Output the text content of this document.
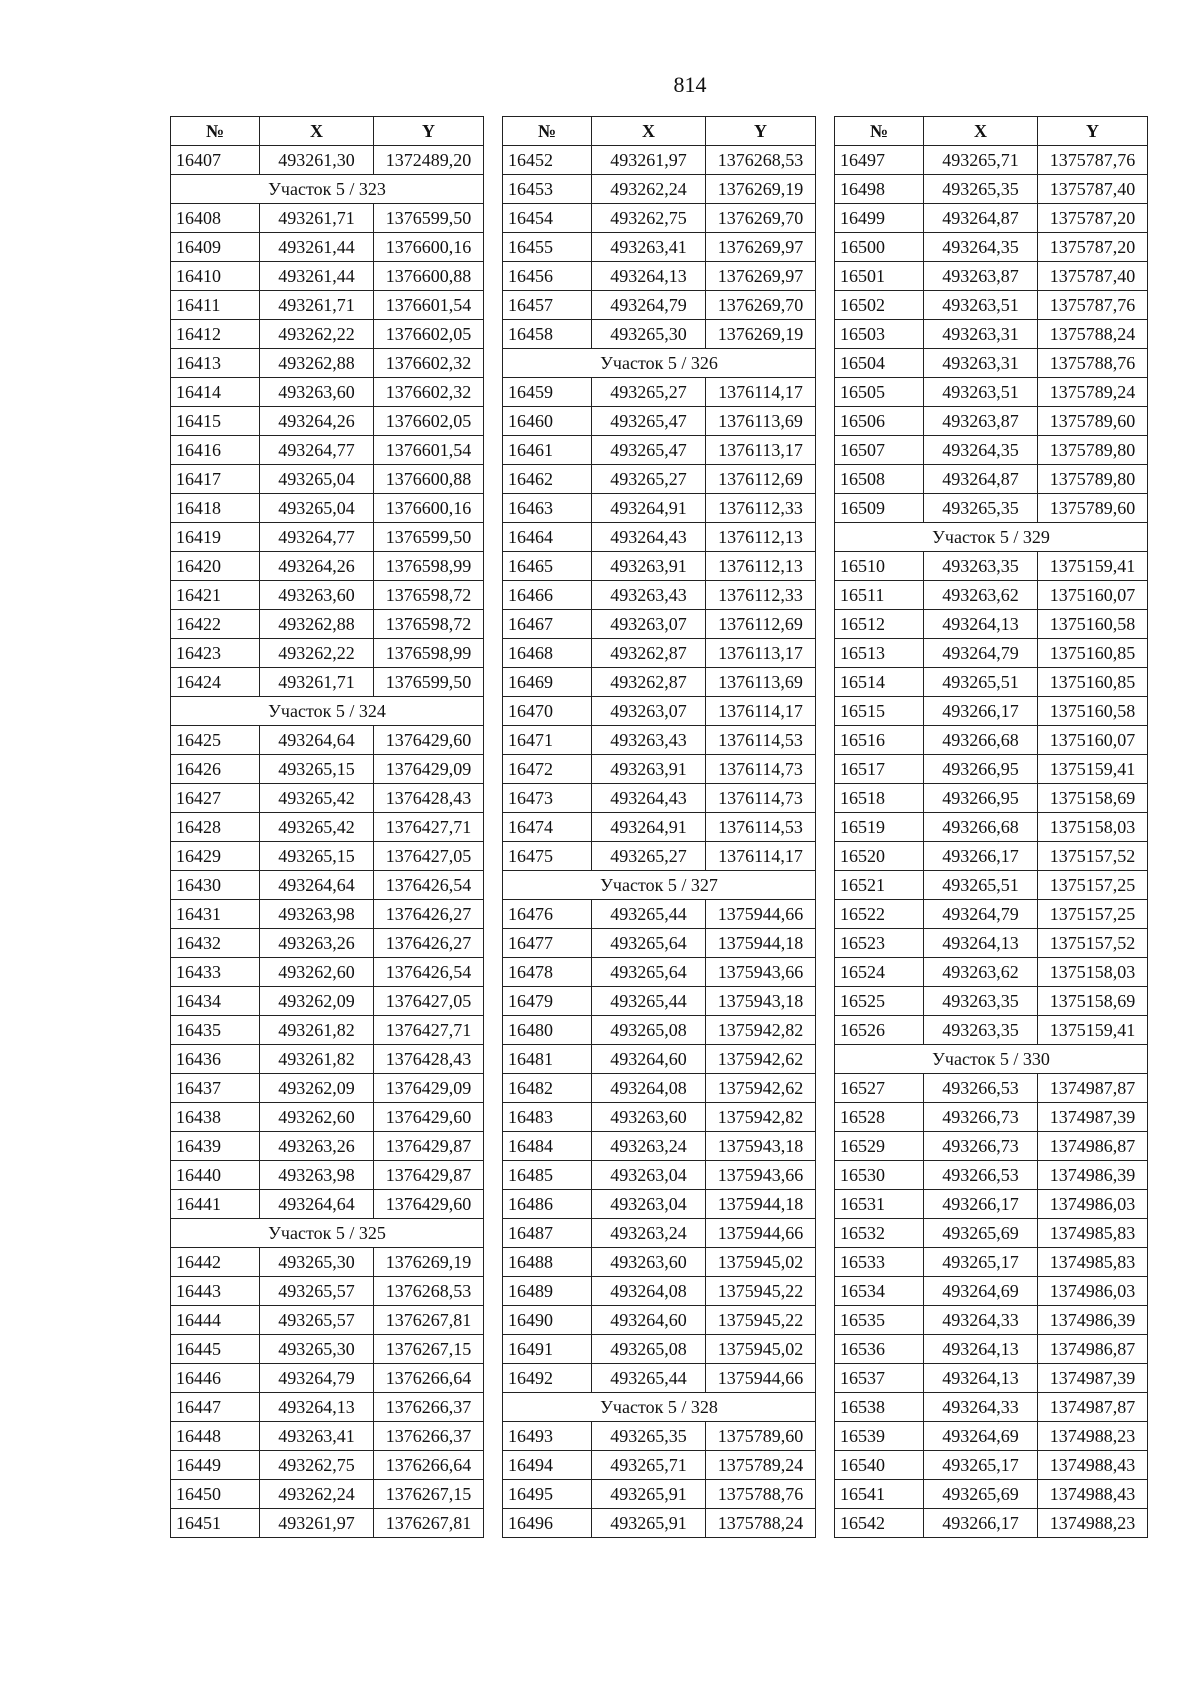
814
№	X	Y
16407	493261,30	1372489,20
Участок 5 / 323		
16408	493261,71	1376599,50
16409	493261,44	1376600,16
16410	493261,44	1376600,88
16411	493261,71	1376601,54
16412	493262,22	1376602,05
16413	493262,88	1376602,32
16414	493263,60	1376602,32
16415	493264,26	1376602,05
16416	493264,77	1376601,54
16417	493265,04	1376600,88
16418	493265,04	1376600,16
16419	493264,77	1376599,50
16420	493264,26	1376598,99
16421	493263,60	1376598,72
16422	493262,88	1376598,72
16423	493262,22	1376598,99
16424	493261,71	1376599,50
Участок 5 / 324		
16425	493264,64	1376429,60
16426	493265,15	1376429,09
16427	493265,42	1376428,43
16428	493265,42	1376427,71
16429	493265,15	1376427,05
16430	493264,64	1376426,54
16431	493263,98	1376426,27
16432	493263,26	1376426,27
16433	493262,60	1376426,54
16434	493262,09	1376427,05
16435	493261,82	1376427,71
16436	493261,82	1376428,43
16437	493262,09	1376429,09
16438	493262,60	1376429,60
16439	493263,26	1376429,87
16440	493263,98	1376429,87
16441	493264,64	1376429,60
Участок 5 / 325		
16442	493265,30	1376269,19
16443	493265,57	1376268,53
16444	493265,57	1376267,81
16445	493265,30	1376267,15
16446	493264,79	1376266,64
16447	493264,13	1376266,37
16448	493263,41	1376266,37
16449	493262,75	1376266,64
16450	493262,24	1376267,15
16451	493261,97	1376267,81
№	X	Y
16452	493261,97	1376268,53
16453	493262,24	1376269,19
16454	493262,75	1376269,70
16455	493263,41	1376269,97
16456	493264,13	1376269,97
16457	493264,79	1376269,70
16458	493265,30	1376269,19
Участок 5 / 326		
16459	493265,27	1376114,17
16460	493265,47	1376113,69
16461	493265,47	1376113,17
16462	493265,27	1376112,69
16463	493264,91	1376112,33
16464	493264,43	1376112,13
16465	493263,91	1376112,13
16466	493263,43	1376112,33
16467	493263,07	1376112,69
16468	493262,87	1376113,17
16469	493262,87	1376113,69
16470	493263,07	1376114,17
16471	493263,43	1376114,53
16472	493263,91	1376114,73
16473	493264,43	1376114,73
16474	493264,91	1376114,53
16475	493265,27	1376114,17
Участок 5 / 327		
16476	493265,44	1375944,66
16477	493265,64	1375944,18
16478	493265,64	1375943,66
16479	493265,44	1375943,18
16480	493265,08	1375942,82
16481	493264,60	1375942,62
16482	493264,08	1375942,62
16483	493263,60	1375942,82
16484	493263,24	1375943,18
16485	493263,04	1375943,66
16486	493263,04	1375944,18
16487	493263,24	1375944,66
16488	493263,60	1375945,02
16489	493264,08	1375945,22
16490	493264,60	1375945,22
16491	493265,08	1375945,02
16492	493265,44	1375944,66
Участок 5 / 328		
16493	493265,35	1375789,60
16494	493265,71	1375789,24
16495	493265,91	1375788,76
16496	493265,91	1375788,24
№	X	Y
16497	493265,71	1375787,76
16498	493265,35	1375787,40
16499	493264,87	1375787,20
16500	493264,35	1375787,20
16501	493263,87	1375787,40
16502	493263,51	1375787,76
16503	493263,31	1375788,24
16504	493263,31	1375788,76
16505	493263,51	1375789,24
16506	493263,87	1375789,60
16507	493264,35	1375789,80
16508	493264,87	1375789,80
16509	493265,35	1375789,60
Участок 5 / 329		
16510	493263,35	1375159,41
16511	493263,62	1375160,07
16512	493264,13	1375160,58
16513	493264,79	1375160,85
16514	493265,51	1375160,85
16515	493266,17	1375160,58
16516	493266,68	1375160,07
16517	493266,95	1375159,41
16518	493266,95	1375158,69
16519	493266,68	1375158,03
16520	493266,17	1375157,52
16521	493265,51	1375157,25
16522	493264,79	1375157,25
16523	493264,13	1375157,52
16524	493263,62	1375158,03
16525	493263,35	1375158,69
16526	493263,35	1375159,41
Участок 5 / 330		
16527	493266,53	1374987,87
16528	493266,73	1374987,39
16529	493266,73	1374986,87
16530	493266,53	1374986,39
16531	493266,17	1374986,03
16532	493265,69	1374985,83
16533	493265,17	1374985,83
16534	493264,69	1374986,03
16535	493264,33	1374986,39
16536	493264,13	1374986,87
16537	493264,13	1374987,39
16538	493264,33	1374987,87
16539	493264,69	1374988,23
16540	493265,17	1374988,43
16541	493265,69	1374988,43
16542	493266,17	1374988,23
